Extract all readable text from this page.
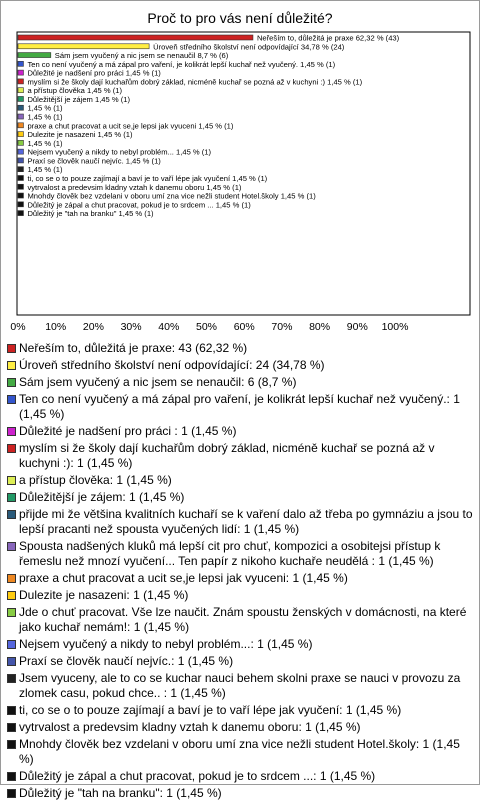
Proč to pro vás není důležité?
Neřeším to, důležitá je praxe 62,32 % (43)
Úroveň středního školství není odpovídající 34,78 % (24)
Sám jsem vyučený a nic jsem se nenaučil 8,7 % (6)
Ten co není vyučený a má zápal pro vaření, je kolikrát lepší kuchař než vyučený. 1,45 % (1)
Důležité je nadšení pro práci 1,45 % (1)
myslím si že školy dají kuchařům dobrý základ, nicméně kuchař se pozná až v kuchyni :) 1,45 % (1)
a přístup člověka 1,45 % (1)
Důležitější je zájem 1,45 % (1)
1,45 % (1)
1,45 % (1)
praxe a chut pracovat a ucit se,je lepsi jak vyuceni 1,45 % (1)
Dulezite je nasazeni 1,45 % (1)
1,45 % (1)
Nejsem vyučený a nikdy to nebyl problém... 1,45 % (1)
Praxí se člověk naučí nejvíc. 1,45 % (1)
1,45 % (1)
ti, co se o to pouze zajímají a baví je to vaří lépe jak vyučení 1,45 % (1)
vytrvalost a predevsim kladny vztah k danemu oboru 1,45 % (1)
Mnohdy člověk bez vzdelani v oboru umí zna vice nežli student Hotel.školy 1,45 % (1)
Důležitý je zápal a chut pracovat, pokud je to srdcem ... 1,45 % (1)
Důležitý je "tah na branku" 1,45 % (1)
0% 10% 20% 30% 40% 50% 60% 70% 80% 90% 100%
Neřeším to, důležitá je praxe: 43 (62,32 %)
Úroveň středního školství není odpovídající: 24 (34,78 %)
Sám jsem vyučený a nic jsem se nenaučil: 6 (8,7 %)
Ten co není vyučený a má zápal pro vaření, je kolikrát lepší kuchař než vyučený.: 1 (1,45 %)
Důležité je nadšení pro práci : 1 (1,45 %)
myslím si že školy dají kuchařům dobrý základ, nicméně kuchař se pozná až v kuchyni :): 1 (1,45 %)
a přístup člověka: 1 (1,45 %)
Důležitější je zájem: 1 (1,45 %)
přijde mi že většina kvalitních kuchaří se k vaření dalo až třeba po gymnáziu a jsou to lepší pracanti než spousta vyučených lidí: 1 (1,45 %)
Spousta nadšených kluků má lepší cit pro chuť, kompozici a osobitejsi přístup k řemeslu než mnozí vyučení... Ten papír z nikoho kuchaře neudělá : 1 (1,45 %)
praxe a chut pracovat a ucit se,je lepsi jak vyuceni: 1 (1,45 %)
Dulezite je nasazeni: 1 (1,45 %)
Jde o chuť pracovat. Vše lze naučit. Znám spoustu ženských v domácnosti, na které jako kuchař nemám!: 1 (1,45 %)
Nejsem vyučený a nikdy to nebyl problém...: 1 (1,45 %)
Praxí se člověk naučí nejvíc.: 1 (1,45 %)
Jsem vyuceny, ale to co se kuchar nauci behem skolni praxe se nauci v provozu za zlomek casu, pokud chce.. : 1 (1,45 %)
ti, co se o to pouze zajímají a baví je to vaří lépe jak vyučení: 1 (1,45 %)
vytrvalost a predevsim kladny vztah k danemu oboru: 1 (1,45 %)
Mnohdy člověk bez vzdelani v oboru umí zna vice nežli student Hotel.školy: 1 (1,45 %)
Důležitý je zápal a chut pracovat, pokud je to srdcem ...: 1 (1,45 %)
Důležitý je "tah na branku": 1 (1,45 %)
